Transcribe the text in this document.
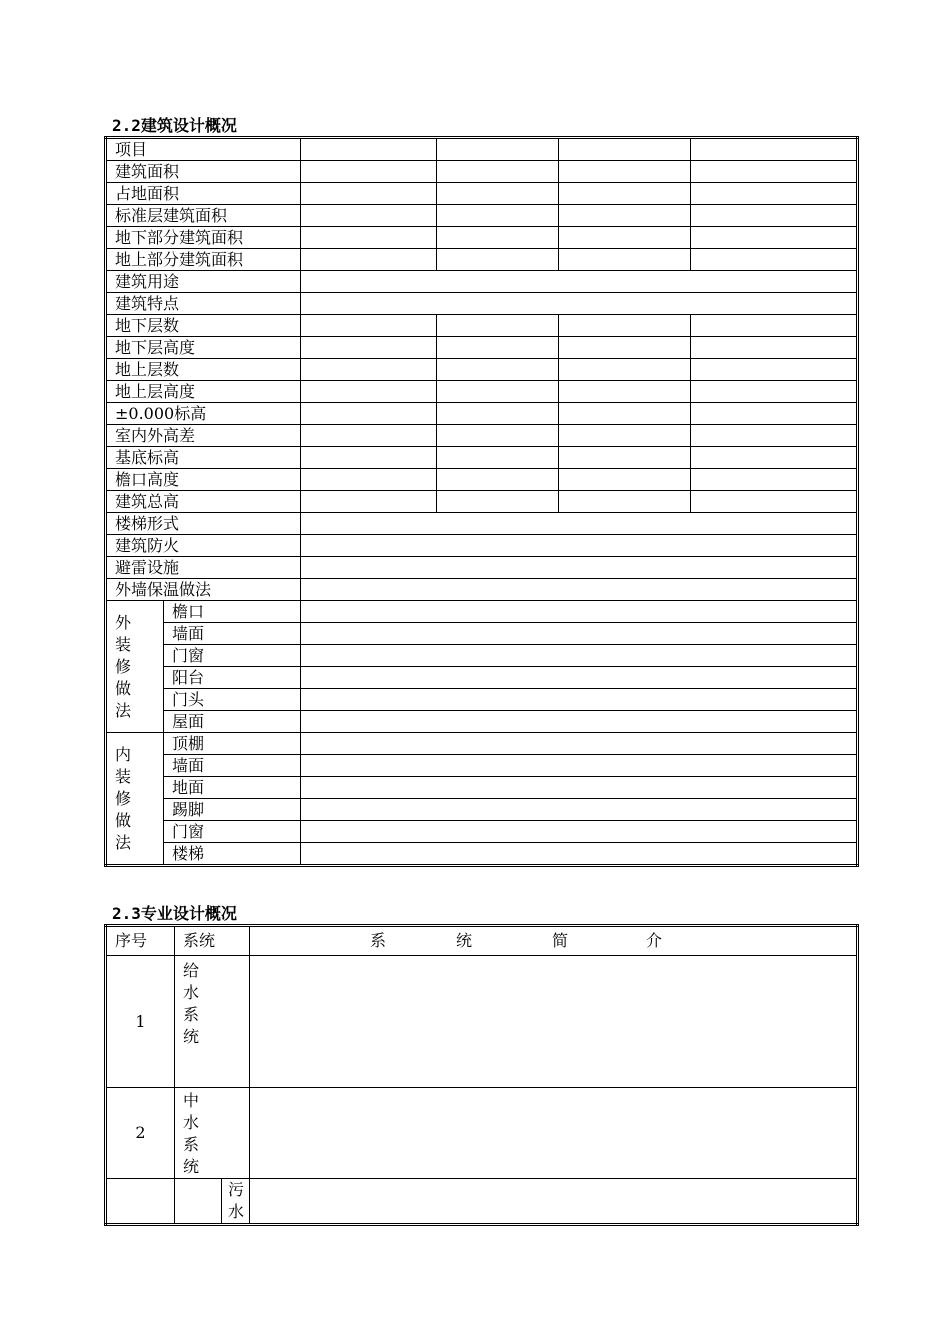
2.2建筑设计概况
项目					
建筑面积					
占地面积					
标准层建筑面积					
地下部分建筑面积					
地上部分建筑面积					
建筑用途					
建筑特点					
地下层数					
地下层高度					
地上层数					
地上层高度					
±0.000标高					
室内外高差					
基底标高					
檐口高度					
建筑总高					
楼梯形式					
建筑防火					
避雷设施					
外墙保温做法					
外装修做法	檐口				
	墙面				
	门窗				
	阳台				
	门头				
	屋面				
内装修做法	顶棚				
	墙面				
	地面				
	踢脚				
	门窗				
	楼梯				
2.3专业设计概况
序号	系统		系 统 简 介
1	给水系统		
2	中水系统		
		污水	
